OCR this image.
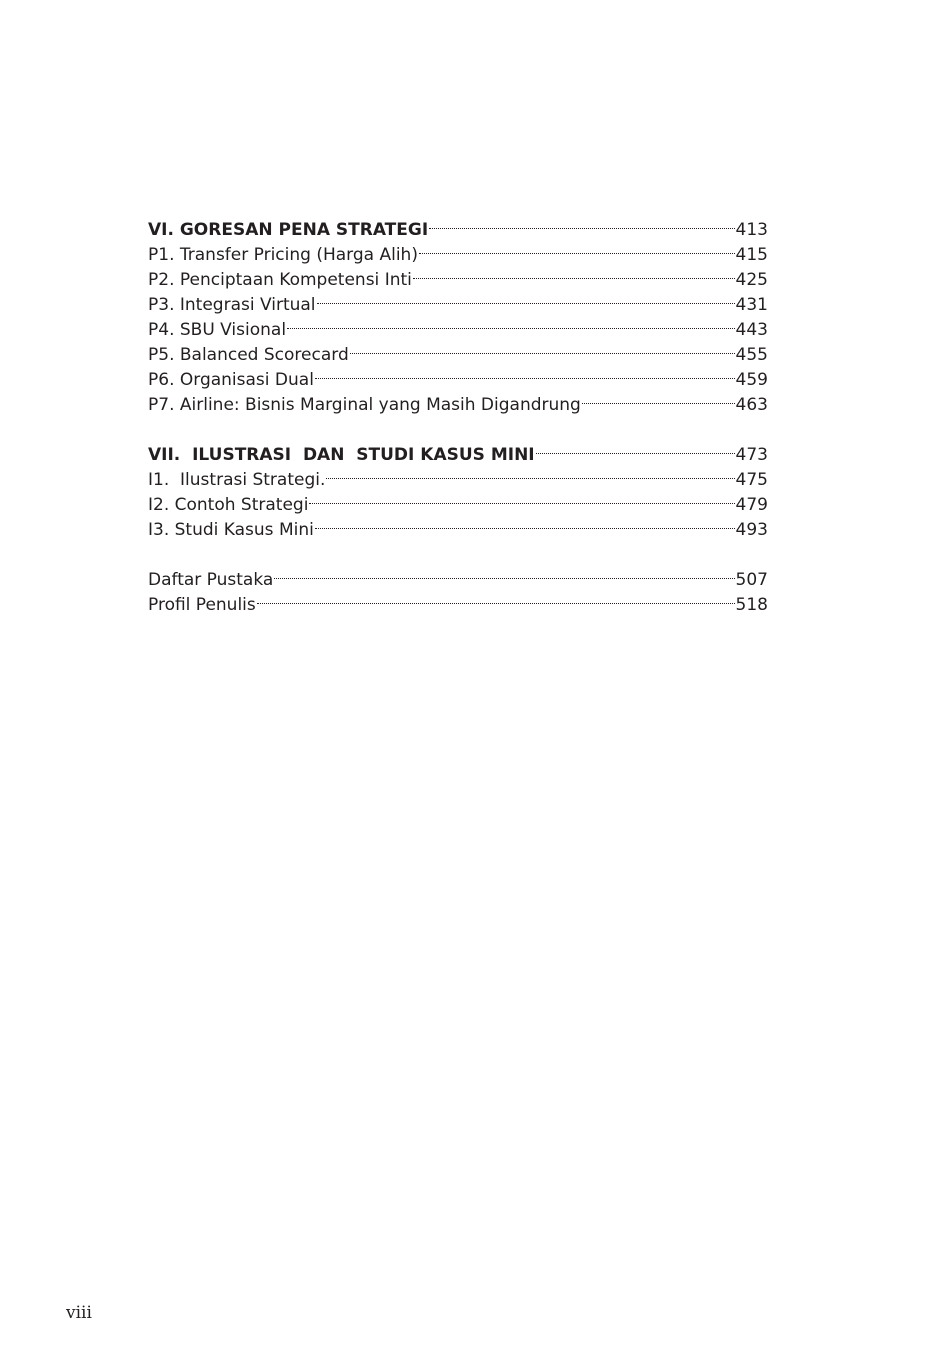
VI. GORESAN PENA STRATEGI	413
P1. Transfer Pricing (Harga Alih)	415
P2. Penciptaan Kompetensi Inti	425
P3. Integrasi Virtual	431
P4. SBU Visional	443
P5. Balanced Scorecard	455
P6. Organisasi Dual	459
P7. Airline: Bisnis Marginal yang Masih Digandrung	463
VII.  ILUSTRASI  DAN  STUDI KASUS MINI	473
I1.  Ilustrasi Strategi.	475
I2. Contoh Strategi	479
I3. Studi Kasus Mini	493
Daftar Pustaka	507
Profil Penulis	518
viii
